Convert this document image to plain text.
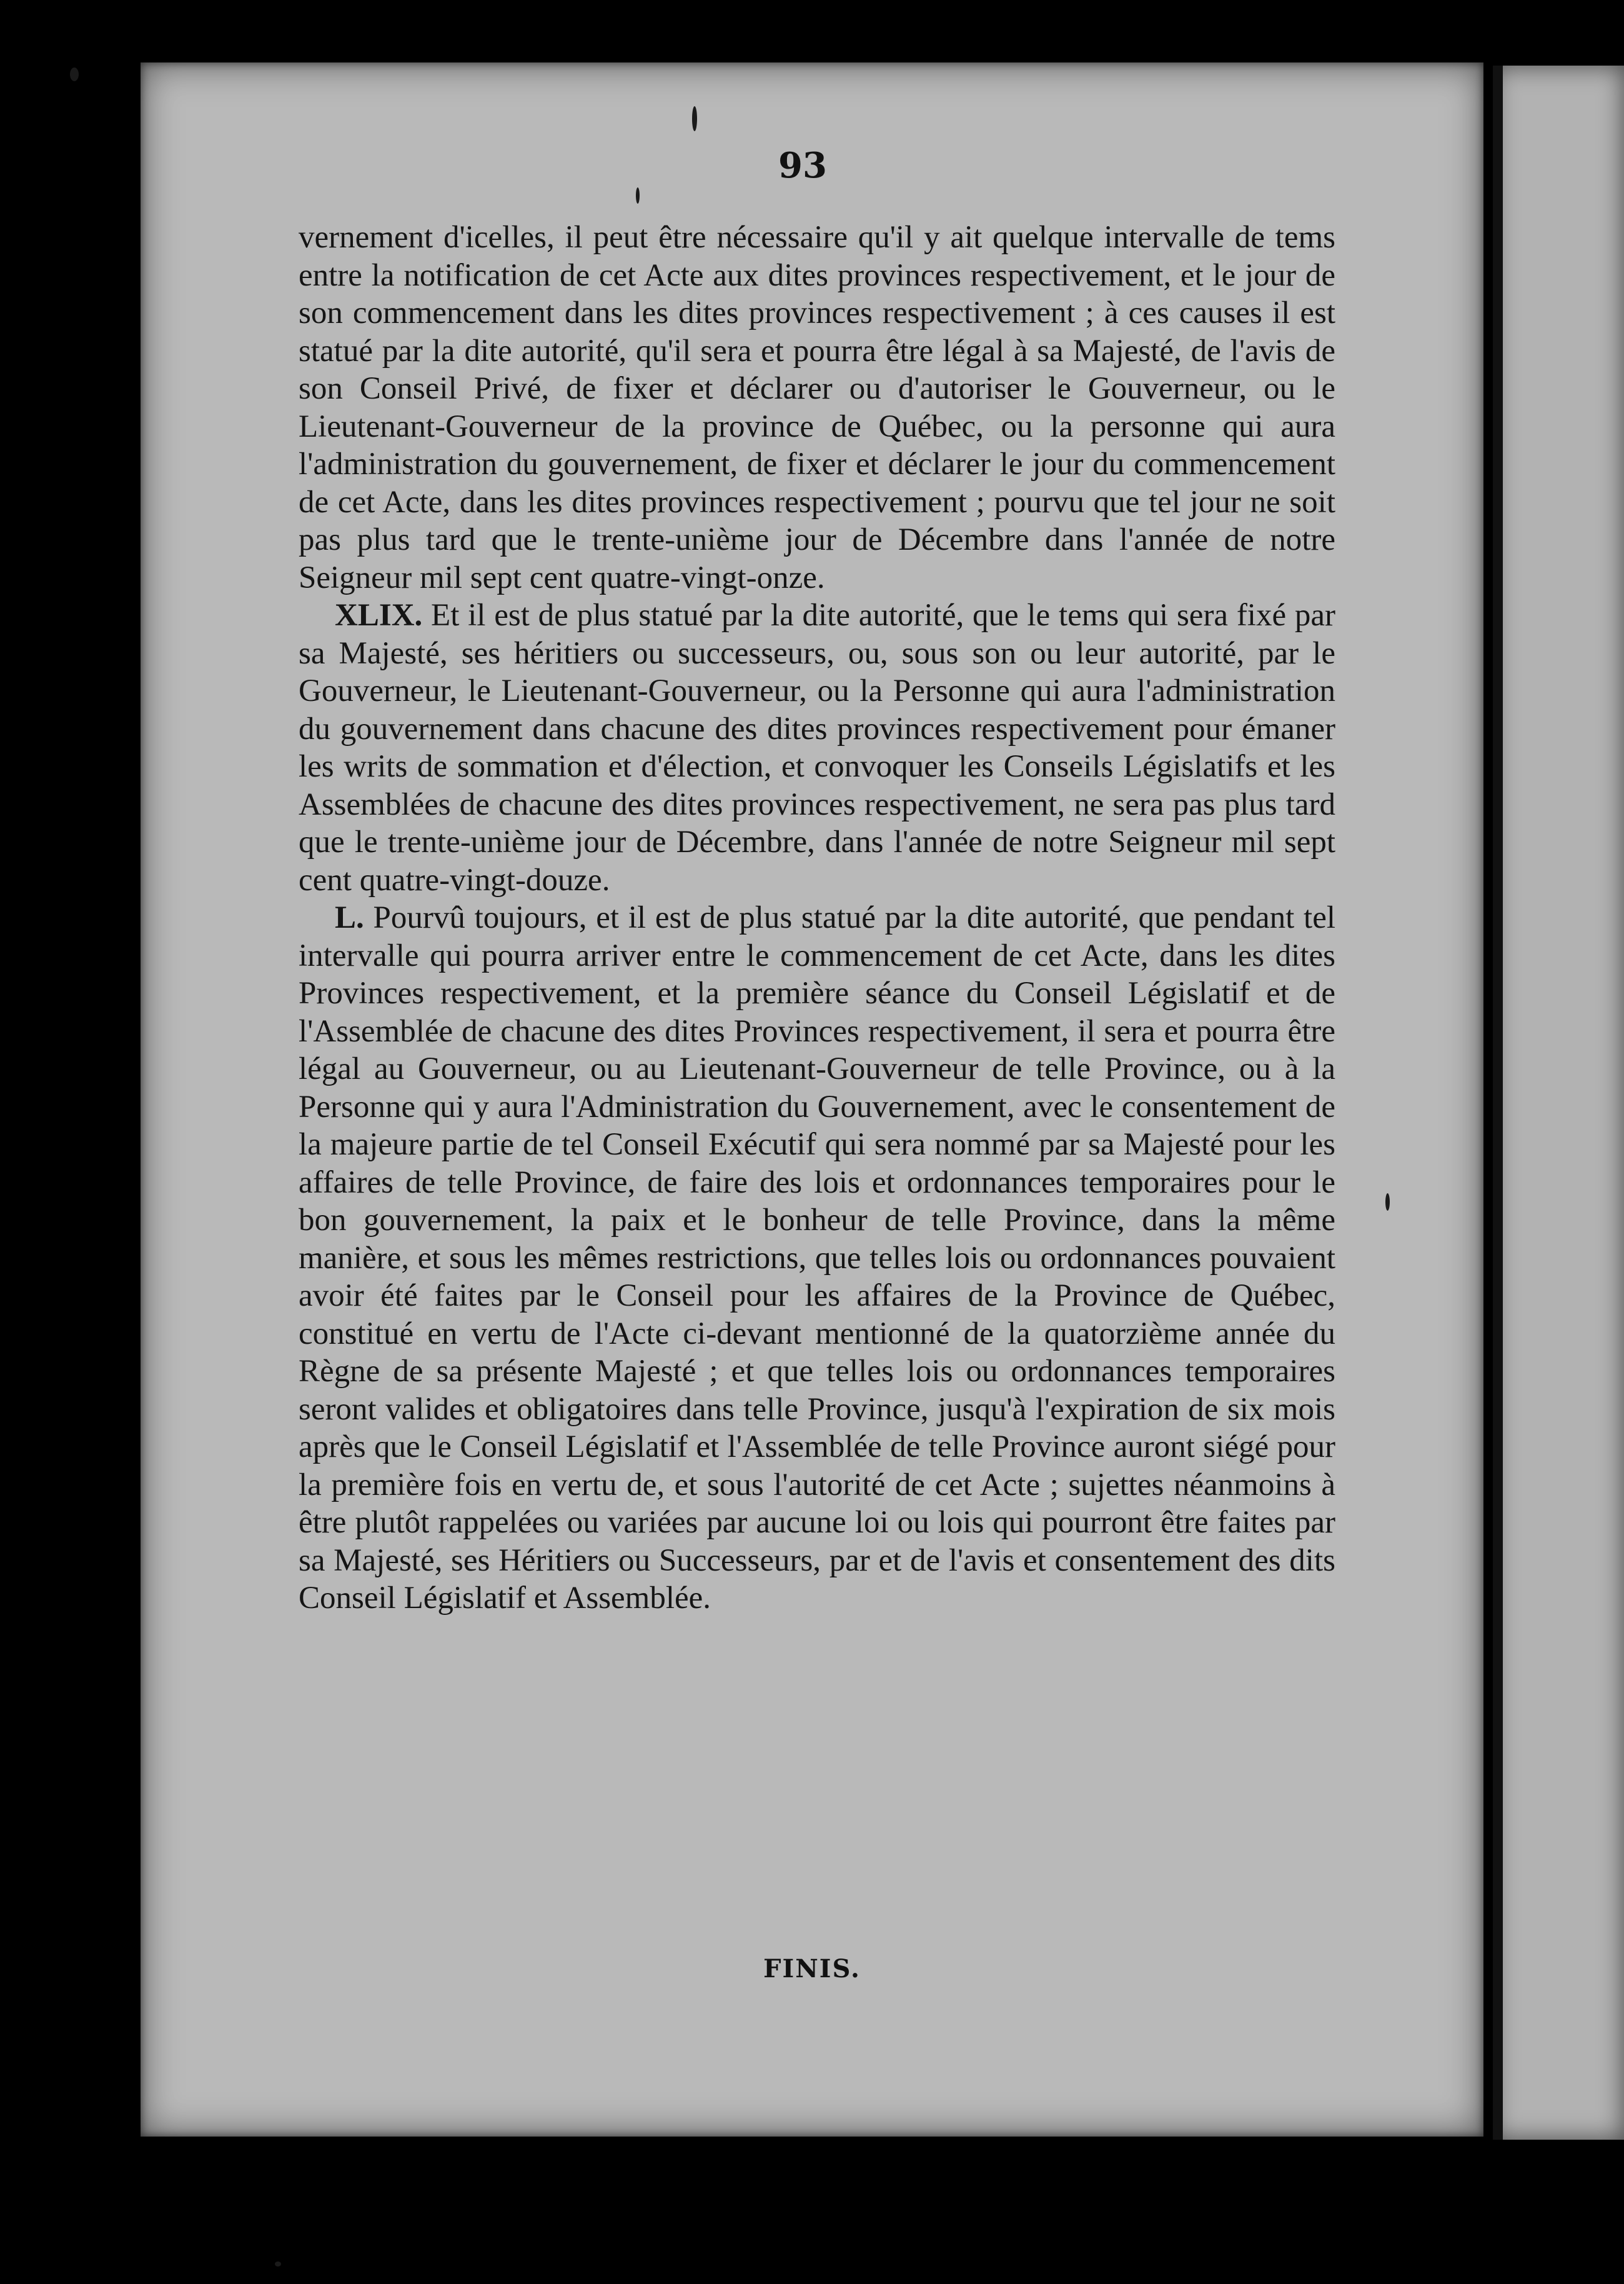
93

vernement d'icelles, il peut être nécessaire qu'il y ait quelque intervalle de tems entre la notification de cet Acte aux dites provinces respectivement, et le jour de son commencement dans les dites provinces respectivement ; à ces causes il est statué par la dite autorité, qu'il sera et pourra être légal à sa Majesté, de l'avis de son Conseil Privé, de fixer et déclarer ou d'autoriser le Gouverneur, ou le Lieutenant-Gouverneur de la province de Québec, ou la personne qui aura l'administration du gouvernement, de fixer et déclarer le jour du commencement de cet Acte, dans les dites provinces respectivement ; pourvu que tel jour ne soit pas plus tard que le trente-unième jour de Décembre dans l'année de notre Seigneur mil sept cent quatre-vingt-onze.

XLIX. Et il est de plus statué par la dite autorité, que le tems qui sera fixé par sa Majesté, ses héritiers ou successeurs, ou, sous son ou leur autorité, par le Gouverneur, le Lieutenant-Gouverneur, ou la Personne qui aura l'administration du gouvernement dans chacune des dites provinces respectivement pour émaner les writs de sommation et d'élection, et convoquer les Conseils Législatifs et les Assemblées de chacune des dites provinces respectivement, ne sera pas plus tard que le trente-unième jour de Décembre, dans l'année de notre Seigneur mil sept cent quatre-vingt-douze.

L. Pourvû toujours, et il est de plus statué par la dite autorité, que pendant tel intervalle qui pourra arriver entre le commencement de cet Acte, dans les dites Provinces respectivement, et la première séance du Conseil Législatif et de l'Assemblée de chacune des dites Provinces respectivement, il sera et pourra être légal au Gouverneur, ou au Lieutenant-Gouverneur de telle Province, ou à la Personne qui y aura l'Administration du Gouvernement, avec le consentement de la majeure partie de tel Conseil Exécutif qui sera nommé par sa Majesté pour les affaires de telle Province, de faire des lois et ordonnances temporaires pour le bon gouvernement, la paix et le bonheur de telle Province, dans la même manière, et sous les mêmes restrictions, que telles lois ou ordonnances pouvaient avoir été faites par le Conseil pour les affaires de la Province de Québec, constitué en vertu de l'Acte ci-devant mentionné de la quatorzième année du Règne de sa présente Majesté ; et que telles lois ou ordonnances temporaires seront valides et obligatoires dans telle Province, jusqu'à l'expiration de six mois après que le Conseil Législatif et l'Assemblée de telle Province auront siégé pour la première fois en vertu de, et sous l'autorité de cet Acte ; sujettes néanmoins à être plutôt rappelées ou variées par aucune loi ou lois qui pourront être faites par sa Majesté, ses Héritiers ou Successeurs, par et de l'avis et consentement des dits Conseil Législatif et Assemblée.

FINIS.
